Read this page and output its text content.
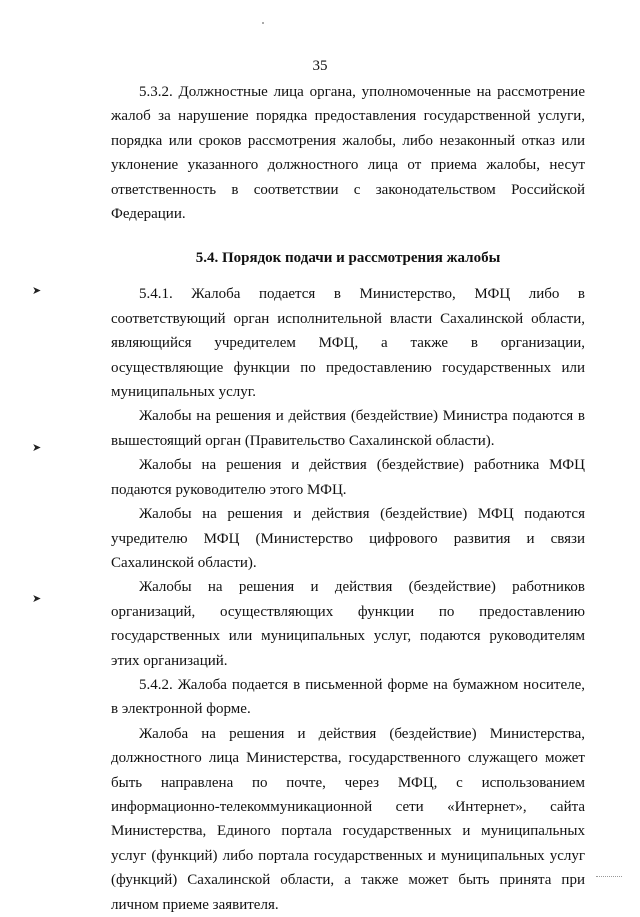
35

5.3.2. Должностные лица органа, уполномоченные на рассмотрение жалоб за нарушение порядка предоставления государственной услуги, порядка или сроков рассмотрения жалобы, либо незаконный отказ или уклонение указанного должностного лица от приема жалобы, несут ответственность в соответствии с законодательством Российской Федерации.

5.4. Порядок подачи и рассмотрения жалобы

5.4.1. Жалоба подается в Министерство, МФЦ либо в соответствующий орган исполнительной власти Сахалинской области, являющийся учредителем МФЦ, а также в организации, осуществляющие функции по предоставлению государственных или муниципальных услуг.

Жалобы на решения и действия (бездействие) Министра подаются в вышестоящий орган (Правительство Сахалинской области).

Жалобы на решения и действия (бездействие) работника МФЦ подаются руководителю этого МФЦ.

Жалобы на решения и действия (бездействие) МФЦ подаются учредителю МФЦ (Министерство цифрового развития и связи Сахалинской области).

Жалобы на решения и действия (бездействие) работников организаций, осуществляющих функции по предоставлению государственных или муниципальных услуг, подаются руководителям этих организаций.

5.4.2. Жалоба подается в письменной форме на бумажном носителе, в электронной форме.

Жалоба на решения и действия (бездействие) Министерства, должностного лица Министерства, государственного служащего может быть направлена по почте, через МФЦ, с использованием информационно-телекоммуникационной сети «Интернет», сайта Министерства, Единого портала государственных и муниципальных услуг (функций) либо портала государственных и муниципальных услуг (функций) Сахалинской области, а также может быть принята при личном приеме заявителя.

➤
➤
➤
